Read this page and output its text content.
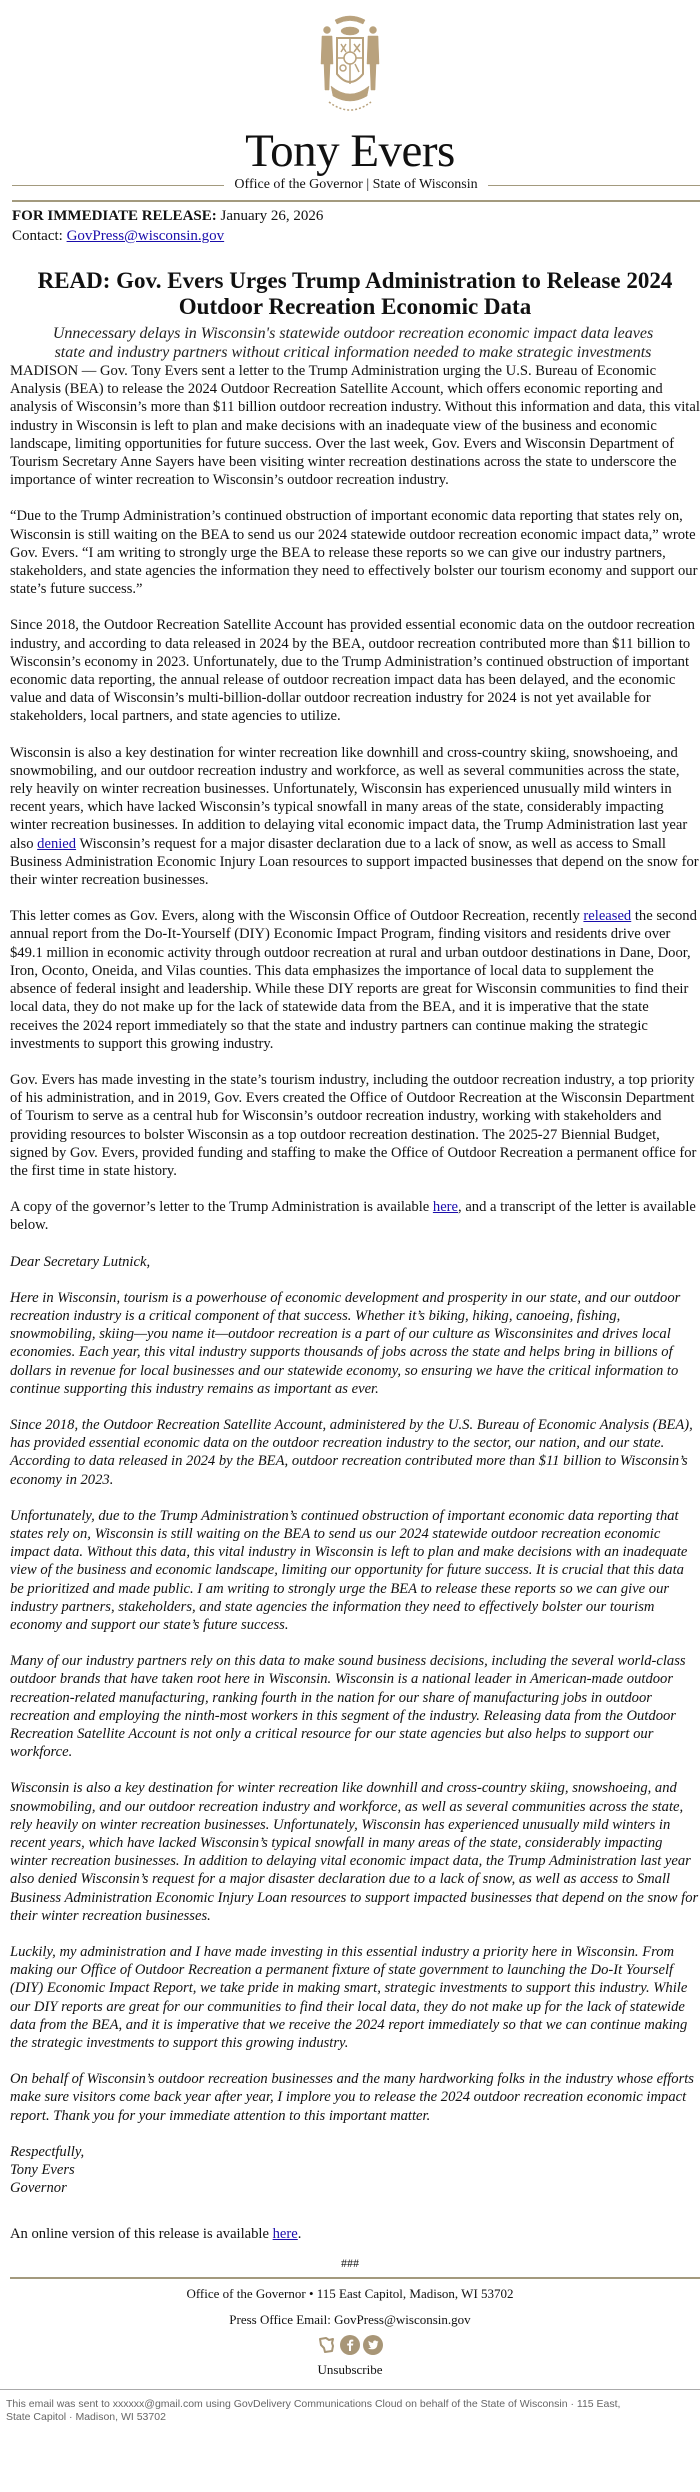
Tony Evers
Office of the Governor | State of Wisconsin
FOR IMMEDIATE RELEASE: January 26, 2026
Contact: GovPress@wisconsin.gov
READ: Gov. Evers Urges Trump Administration to Release 2024 Outdoor Recreation Economic Data
Unnecessary delays in Wisconsin's statewide outdoor recreation economic impact data leaves state and industry partners without critical information needed to make strategic investments

MADISON — Gov. Tony Evers sent a letter to the Trump Administration urging the U.S. Bureau of Economic Analysis (BEA) to release the 2024 Outdoor Recreation Satellite Account, which offers economic reporting and analysis of Wisconsin’s more than $11 billion outdoor recreation industry. Without this information and data, this vital industry in Wisconsin is left to plan and make decisions with an inadequate view of the business and economic landscape, limiting opportunities for future success. Over the last week, Gov. Evers and Wisconsin Department of Tourism Secretary Anne Sayers have been visiting winter recreation destinations across the state to underscore the importance of winter recreation to Wisconsin’s outdoor recreation industry.

“Due to the Trump Administration’s continued obstruction of important economic data reporting that states rely on, Wisconsin is still waiting on the BEA to send us our 2024 statewide outdoor recreation economic impact data,” wrote Gov. Evers. “I am writing to strongly urge the BEA to release these reports so we can give our industry partners, stakeholders, and state agencies the information they need to effectively bolster our tourism economy and support our state’s future success.”

Since 2018, the Outdoor Recreation Satellite Account has provided essential economic data on the outdoor recreation industry, and according to data released in 2024 by the BEA, outdoor recreation contributed more than $11 billion to Wisconsin’s economy in 2023. Unfortunately, due to the Trump Administration’s continued obstruction of important economic data reporting, the annual release of outdoor recreation impact data has been delayed, and the economic value and data of Wisconsin’s multi-billion-dollar outdoor recreation industry for 2024 is not yet available for stakeholders, local partners, and state agencies to utilize.

Wisconsin is also a key destination for winter recreation like downhill and cross-country skiing, snowshoeing, and snowmobiling, and our outdoor recreation industry and workforce, as well as several communities across the state, rely heavily on winter recreation businesses. Unfortunately, Wisconsin has experienced unusually mild winters in recent years, which have lacked Wisconsin’s typical snowfall in many areas of the state, considerably impacting winter recreation businesses. In addition to delaying vital economic impact data, the Trump Administration last year also denied Wisconsin’s request for a major disaster declaration due to a lack of snow, as well as access to Small Business Administration Economic Injury Loan resources to support impacted businesses that depend on the snow for their winter recreation businesses.

This letter comes as Gov. Evers, along with the Wisconsin Office of Outdoor Recreation, recently released the second annual report from the Do-It-Yourself (DIY) Economic Impact Program, finding visitors and residents drive over $49.1 million in economic activity through outdoor recreation at rural and urban outdoor destinations in Dane, Door, Iron, Oconto, Oneida, and Vilas counties. This data emphasizes the importance of local data to supplement the absence of federal insight and leadership. While these DIY reports are great for Wisconsin communities to find their local data, they do not make up for the lack of statewide data from the BEA, and it is imperative that the state receives the 2024 report immediately so that the state and industry partners can continue making the strategic investments to support this growing industry.

Gov. Evers has made investing in the state’s tourism industry, including the outdoor recreation industry, a top priority of his administration, and in 2019, Gov. Evers created the Office of Outdoor Recreation at the Wisconsin Department of Tourism to serve as a central hub for Wisconsin’s outdoor recreation industry, working with stakeholders and providing resources to bolster Wisconsin as a top outdoor recreation destination. The 2025-27 Biennial Budget, signed by Gov. Evers, provided funding and staffing to make the Office of Outdoor Recreation a permanent office for the first time in state history.

A copy of the governor’s letter to the Trump Administration is available here, and a transcript of the letter is available below.

Dear Secretary Lutnick,

Here in Wisconsin, tourism is a powerhouse of economic development and prosperity in our state, and our outdoor recreation industry is a critical component of that success. Whether it’s biking, hiking, canoeing, fishing, snowmobiling, skiing—you name it—outdoor recreation is a part of our culture as Wisconsinites and drives local economies. Each year, this vital industry supports thousands of jobs across the state and helps bring in billions of dollars in revenue for local businesses and our statewide economy, so ensuring we have the critical information to continue supporting this industry remains as important as ever.

Since 2018, the Outdoor Recreation Satellite Account, administered by the U.S. Bureau of Economic Analysis (BEA), has provided essential economic data on the outdoor recreation industry to the sector, our nation, and our state. According to data released in 2024 by the BEA, outdoor recreation contributed more than $11 billion to Wisconsin’s economy in 2023.

Unfortunately, due to the Trump Administration’s continued obstruction of important economic data reporting that states rely on, Wisconsin is still waiting on the BEA to send us our 2024 statewide outdoor recreation economic impact data. Without this data, this vital industry in Wisconsin is left to plan and make decisions with an inadequate view of the business and economic landscape, limiting our opportunity for future success. It is crucial that this data be prioritized and made public. I am writing to strongly urge the BEA to release these reports so we can give our industry partners, stakeholders, and state agencies the information they need to effectively bolster our tourism economy and support our state’s future success.

Many of our industry partners rely on this data to make sound business decisions, including the several world-class outdoor brands that have taken root here in Wisconsin. Wisconsin is a national leader in American-made outdoor recreation-related manufacturing, ranking fourth in the nation for our share of manufacturing jobs in outdoor recreation and employing the ninth-most workers in this segment of the industry. Releasing data from the Outdoor Recreation Satellite Account is not only a critical resource for our state agencies but also helps to support our workforce.

Wisconsin is also a key destination for winter recreation like downhill and cross-country skiing, snowshoeing, and snowmobiling, and our outdoor recreation industry and workforce, as well as several communities across the state, rely heavily on winter recreation businesses. Unfortunately, Wisconsin has experienced unusually mild winters in recent years, which have lacked Wisconsin’s typical snowfall in many areas of the state, considerably impacting winter recreation businesses. In addition to delaying vital economic impact data, the Trump Administration last year also denied Wisconsin’s request for a major disaster declaration due to a lack of snow, as well as access to Small Business Administration Economic Injury Loan resources to support impacted businesses that depend on the snow for their winter recreation businesses.

Luckily, my administration and I have made investing in this essential industry a priority here in Wisconsin. From making our Office of Outdoor Recreation a permanent fixture of state government to launching the Do-It Yourself (DIY) Economic Impact Report, we take pride in making smart, strategic investments to support this industry. While our DIY reports are great for our communities to find their local data, they do not make up for the lack of statewide data from the BEA, and it is imperative that we receive the 2024 report immediately so that we can continue making the strategic investments to support this growing industry.

On behalf of Wisconsin’s outdoor recreation businesses and the many hardworking folks in the industry whose efforts make sure visitors come back year after year, I implore you to release the 2024 outdoor recreation economic impact report. Thank you for your immediate attention to this important matter.

Respectfully,
Tony Evers
Governor

An online version of this release is available here.

###
Office of the Governor • 115 East Capitol, Madison, WI 53702
Press Office Email: GovPress@wisconsin.gov
Unsubscribe
This email was sent to xxxxxx@gmail.com using GovDelivery Communications Cloud on behalf of the State of Wisconsin · 115 East, State Capitol · Madison, WI 53702
